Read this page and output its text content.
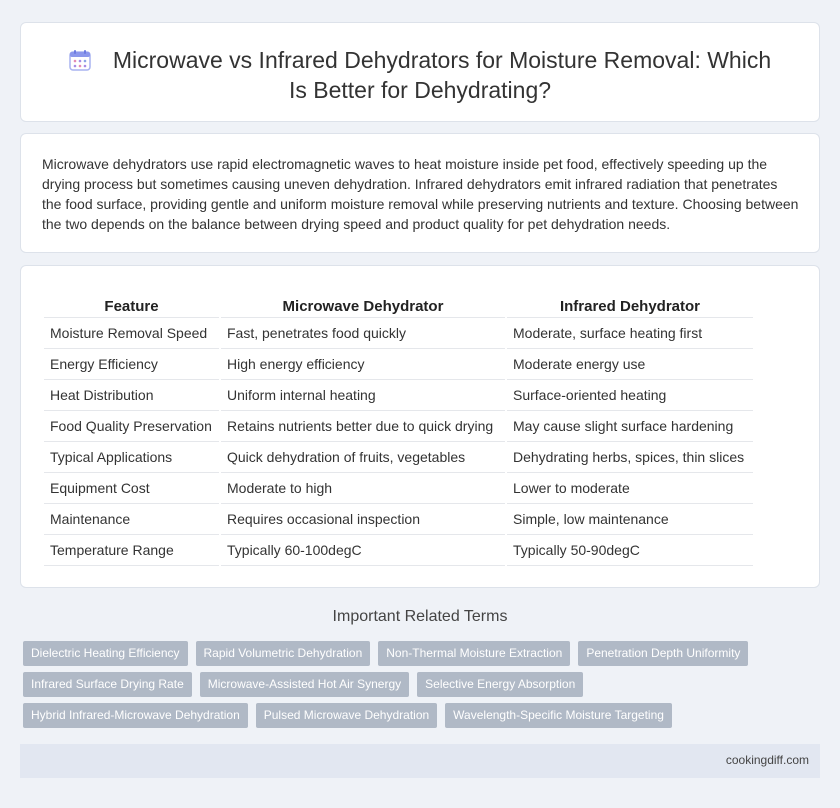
Microwave vs Infrared Dehydrators for Moisture Removal: Which Is Better for Dehydrating?

Microwave dehydrators use rapid electromagnetic waves to heat moisture inside pet food, effectively speeding up the drying process but sometimes causing uneven dehydration. Infrared dehydrators emit infrared radiation that penetrates the food surface, providing gentle and uniform moisture removal while preserving nutrients and texture. Choosing between the two depends on the balance between drying speed and product quality for pet dehydration needs.

Feature	Microwave Dehydrator	Infrared Dehydrator
Moisture Removal Speed	Fast, penetrates food quickly	Moderate, surface heating first
Energy Efficiency	High energy efficiency	Moderate energy use
Heat Distribution	Uniform internal heating	Surface-oriented heating
Food Quality Preservation	Retains nutrients better due to quick drying	May cause slight surface hardening
Typical Applications	Quick dehydration of fruits, vegetables	Dehydrating herbs, spices, thin slices
Equipment Cost	Moderate to high	Lower to moderate
Maintenance	Requires occasional inspection	Simple, low maintenance
Temperature Range	Typically 60-100degC	Typically 50-90degC
Important Related Terms
Dielectric Heating Efficiency	Rapid Volumetric Dehydration	Non-Thermal Moisture Extraction	Penetration Depth Uniformity
Infrared Surface Drying Rate	Microwave-Assisted Hot Air Synergy	Selective Energy Absorption
Hybrid Infrared-Microwave Dehydration	Pulsed Microwave Dehydration	Wavelength-Specific Moisture Targeting
cookingdiff.com
